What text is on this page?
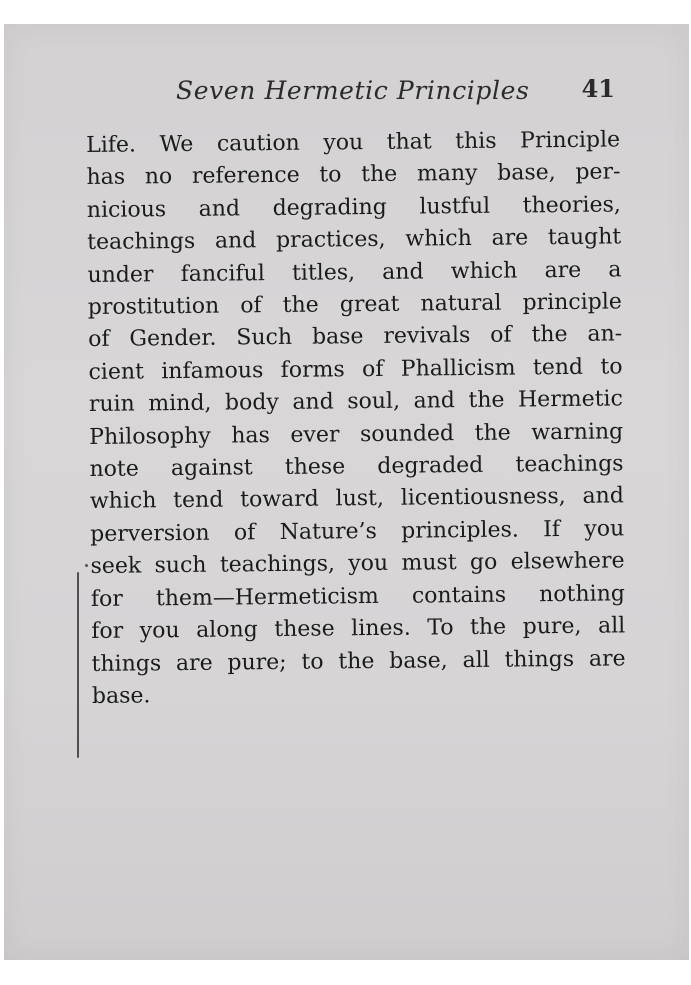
Seven Hermetic Principles 41
Life. We caution you that this Principle
has no reference to the many base, per-
nicious and degrading lustful theories,
teachings and practices, which are taught
under fanciful titles, and which are a
prostitution of the great natural principle
of Gender. Such base revivals of the an-
cient infamous forms of Phallicism tend to
ruin mind, body and soul, and the Hermetic
Philosophy has ever sounded the warning
note against these degraded teachings
which tend toward lust, licentiousness, and
perversion of Nature’s principles. If you
seek such teachings, you must go elsewhere
for them—Hermeticism contains nothing
for you along these lines. To the pure, all
things are pure; to the base, all things are
base.
